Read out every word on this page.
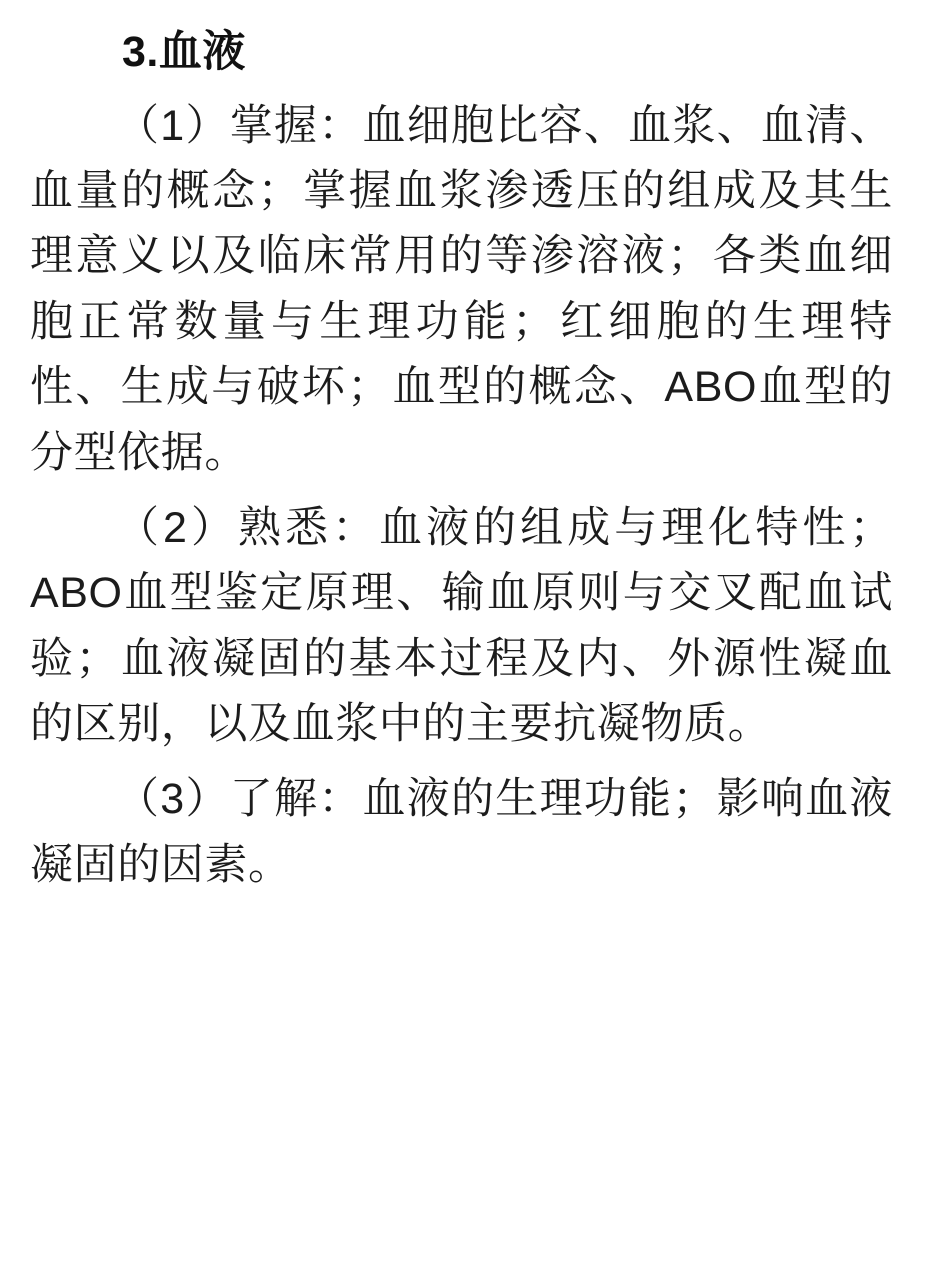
3.血液

（1）掌握：血细胞比容、血浆、血清、血量的概念；掌握血浆渗透压的组成及其生理意义以及临床常用的等渗溶液；各类血细胞正常数量与生理功能；红细胞的生理特性、生成与破坏；血型的概念、ABO血型的分型依据。

（2）熟悉：血液的组成与理化特性；ABO血型鉴定原理、输血原则与交叉配血试验；血液凝固的基本过程及内、外源性凝血的区别，以及血浆中的主要抗凝物质。

（3）了解：血液的生理功能；影响血液凝固的因素。
